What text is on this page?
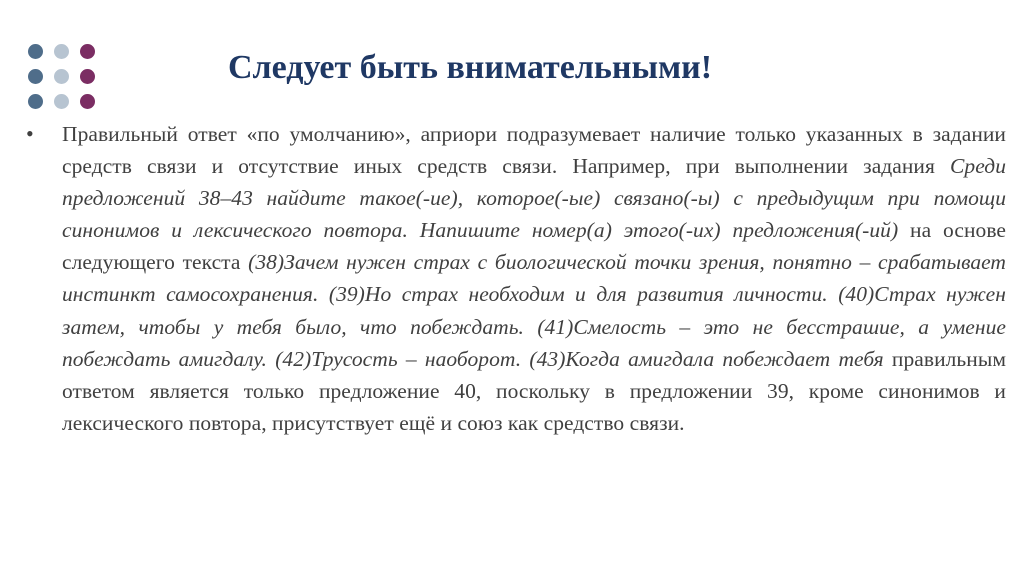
Следует быть внимательными!
• Правильный ответ «по умолчанию», априори подразумевает наличие только указанных в задании средств связи и отсутствие иных средств связи. Например, при выполнении задания Среди предложений 38–43 найдите такое(-ие), которое(-ые) связано(-ы) с предыдущим при помощи синонимов и лексического повтора. Напишите номер(а) этого(-их) предложения(-ий) на основе следующего текста (38)Зачем нужен страх с биологической точки зрения, понятно – срабатывает инстинкт самосохранения. (39)Но страх необходим и для развития личности. (40)Страх нужен затем, чтобы у тебя было, что побеждать. (41)Смелость – это не бесстрашие, а умение побеждать амигдалу. (42)Трусость – наоборот. (43)Когда амигдала побеждает тебя правильным ответом является только предложение 40, поскольку в предложении 39, кроме синонимов и лексического повтора, присутствует ещё и союз как средство связи.
